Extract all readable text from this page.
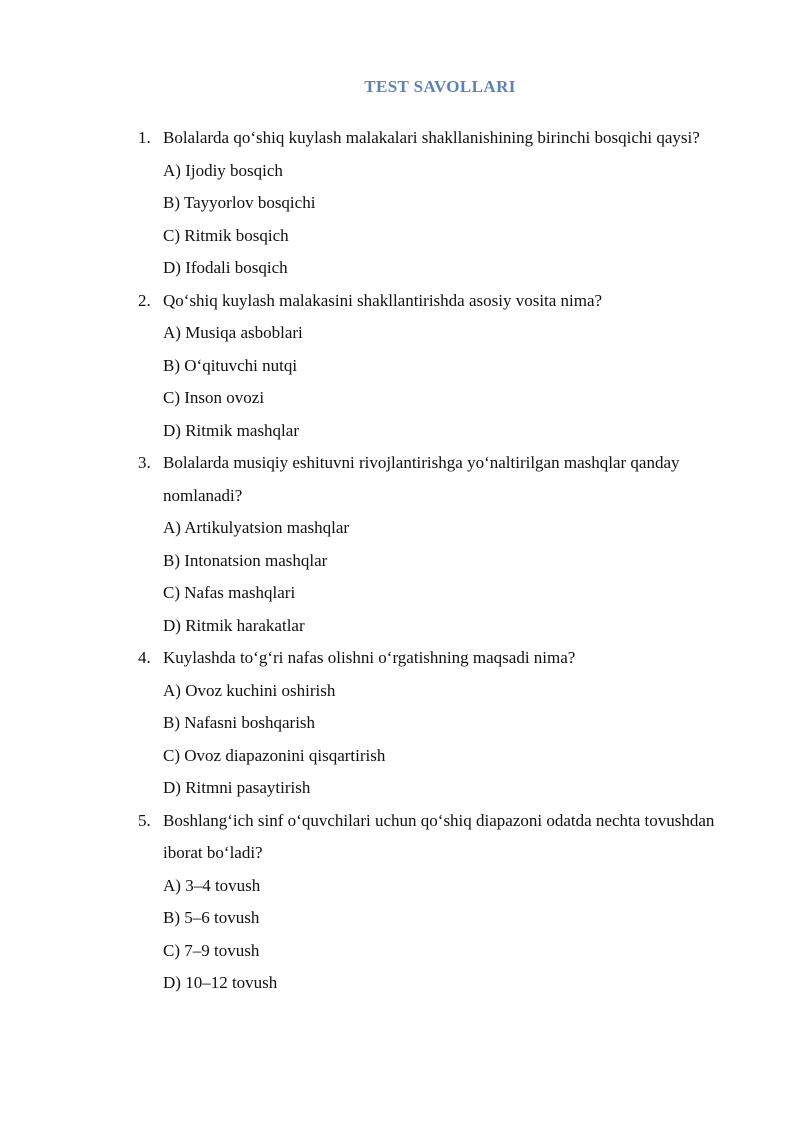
TEST SAVOLLARI
1. Bolalarda qo‘shiq kuylash malakalari shakllanishining birinchi bosqichi qaysi?

A) Ijodiy bosqich
B) Tayyorlov bosqichi
C) Ritmik bosqich
D) Ifodali bosqich
2. Qo‘shiq kuylash malakasini shakllantirishda asosiy vosita nima?

A) Musiqa asboblari
B) O‘qituvchi nutqi
C) Inson ovozi
D) Ritmik mashqlar
3. Bolalarda musiqiy eshituvni rivojlantirishga yo‘naltirilgan mashqlar qanday nomlanadi?

A) Artikulyatsion mashqlar
B) Intonatsion mashqlar
C) Nafas mashqlari
D) Ritmik harakatlar
4. Kuylashda to‘g‘ri nafas olishni o‘rgatishning maqsadi nima?

A) Ovoz kuchini oshirish
B) Nafasni boshqarish
C) Ovoz diapazonini qisqartirish
D) Ritmni pasaytirish
5. Boshlang‘ich sinf o‘quvchilari uchun qo‘shiq diapazoni odatda nechta tovushdan iborat bo‘ladi?

A) 3–4 tovush
B) 5–6 tovush
C) 7–9 tovush
D) 10–12 tovush
